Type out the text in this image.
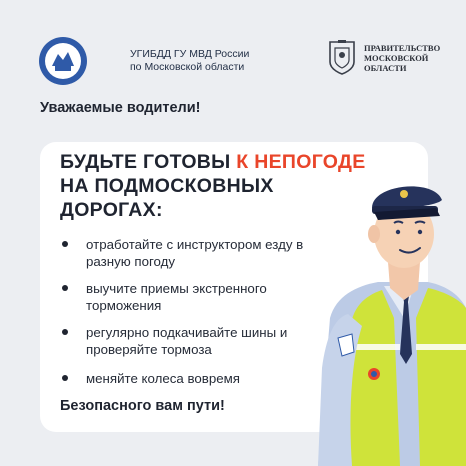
УГИБДД ГУ МВД России по Московской области
ПРАВИТЕЛЬСТВО МОСКОВСКОЙ ОБЛАСТИ
Уважаемые водители!
БУДЬТЕ ГОТОВЫ К НЕПОГОДЕ
НА ПОДМОСКОВНЫХ ДОРОГАХ:
отработайте с инструктором езду в разную погоду
выучите приемы экстренного торможения
регулярно подкачивайте шины и проверяйте тормоза
меняйте колеса вовремя
Безопасного вам пути!
